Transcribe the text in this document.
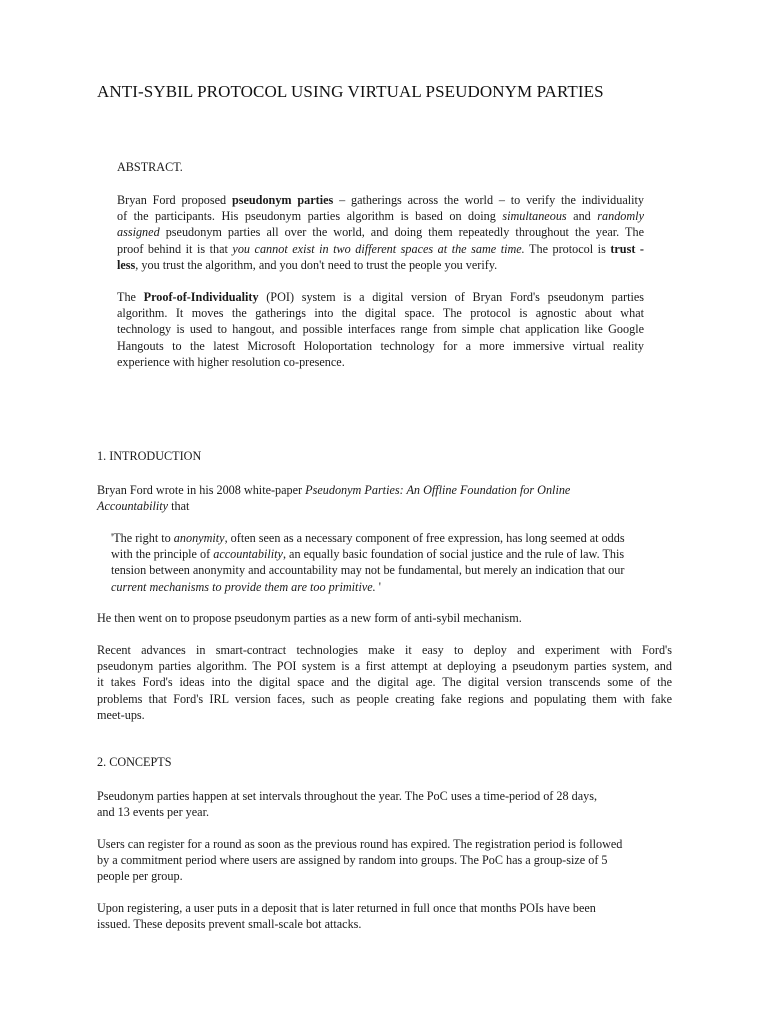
ANTI-SYBIL PROTOCOL USING VIRTUAL PSEUDONYM PARTIES
ABSTRACT.
Bryan Ford proposed pseudonym parties – gatherings across the world – to verify the individuality
of the participants. His pseudonym parties algorithm is based on doing simultaneous and randomly
assigned pseudonym parties all over the world, and doing them repeatedly throughout the year. The
proof behind it is that you cannot exist in two different spaces at the same time. The protocol is trust -
less, you trust the algorithm, and you don't need to trust the people you verify.
The Proof-of-Individuality (POI) system is a digital version of Bryan Ford's pseudonym parties
algorithm. It moves the gatherings into the digital space. The protocol is agnostic about what
technology is used to hangout, and possible interfaces range from simple chat application like Google
Hangouts to the latest Microsoft Holoportation technology for a more immersive virtual reality
experience with higher resolution co-presence.
1. INTRODUCTION
Bryan Ford wrote in his 2008 white-paper Pseudonym Parties: An Offline Foundation for Online
Accountability that
'The right to anonymity, often seen as a necessary component of free expression, has long seemed at odds
with the principle of accountability, an equally basic foundation of social justice and the rule of law. This
tension between anonymity and accountability may not be fundamental, but merely an indication that our
current mechanisms to provide them are too primitive. '
He then went on to propose pseudonym parties as a new form of anti-sybil mechanism.
Recent advances in smart-contract technologies make it easy to deploy and experiment with Ford's
pseudonym parties algorithm. The POI system is a first attempt at deploying a pseudonym parties system, and
it takes Ford's ideas into the digital space and the digital age. The digital version transcends some of the
problems that Ford's IRL version faces, such as people creating fake regions and populating them with fake
meet-ups.
2. CONCEPTS
Pseudonym parties happen at set intervals throughout the year. The PoC uses a time-period of 28 days,
and 13 events per year.
Users can register for a round as soon as the previous round has expired. The registration period is followed
by a commitment period where users are assigned by random into groups. The PoC has a group-size of 5
people per group.
Upon registering, a user puts in a deposit that is later returned in full once that months POIs have been
issued. These deposits prevent small-scale bot attacks.
